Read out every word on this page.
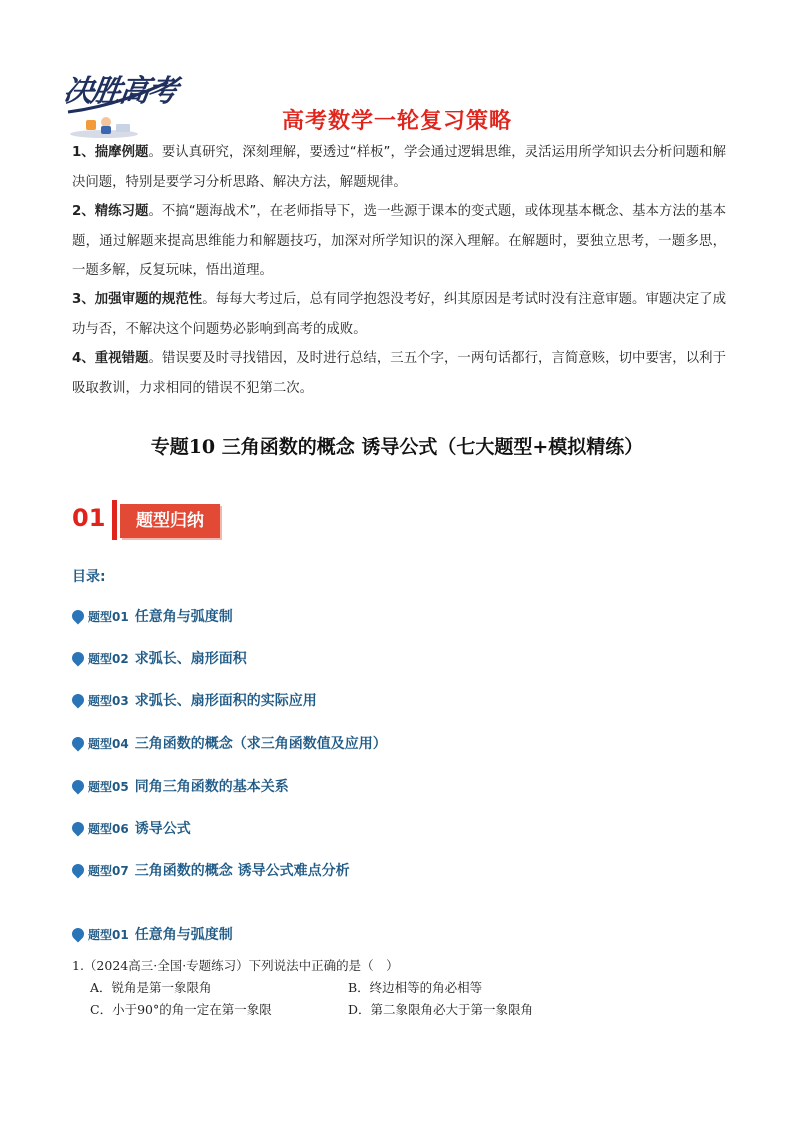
决胜高考
高考数学一轮复习策略

1、揣摩例题。要认真研究，深刻理解，要透过“样板”，学会通过逻辑思维，灵活运用所学知识去分析问题和解决问题，特别是要学习分析思路、解决方法，解题规律。

2、精练习题。不搞“题海战术”，在老师指导下，选一些源于课本的变式题，或体现基本概念、基本方法的基本题，通过解题来提高思维能力和解题技巧，加深对所学知识的深入理解。在解题时，要独立思考，一题多思，一题多解，反复玩味，悟出道理。

3、加强审题的规范性。每每大考过后，总有同学抱怨没考好，纠其原因是考试时没有注意审题。审题决定了成功与否，不解决这个问题势必影响到高考的成败。

4、重视错题。错误要及时寻找错因，及时进行总结，三五个字，一两句话都行，言简意赅，切中要害，以利于吸取教训，力求相同的错误不犯第二次。

专题10 三角函数的概念 诱导公式（七大题型+模拟精练）
01	题型归纳
目录:
题型01 任意角与弧度制
题型02 求弧长、扇形面积
题型03 求弧长、扇形面积的实际应用
题型04 三角函数的概念（求三角函数值及应用）
题型05 同角三角函数的基本关系
题型06 诱导公式
题型07 三角函数的概念 诱导公式难点分析
题型01 任意角与弧度制
1.（2024高三·全国·专题练习）下列说法中正确的是（　）
A．锐角是第一象限角	B．终边相等的角必相等
C．小于90°的角一定在第一象限	D．第二象限角必大于第一象限角
